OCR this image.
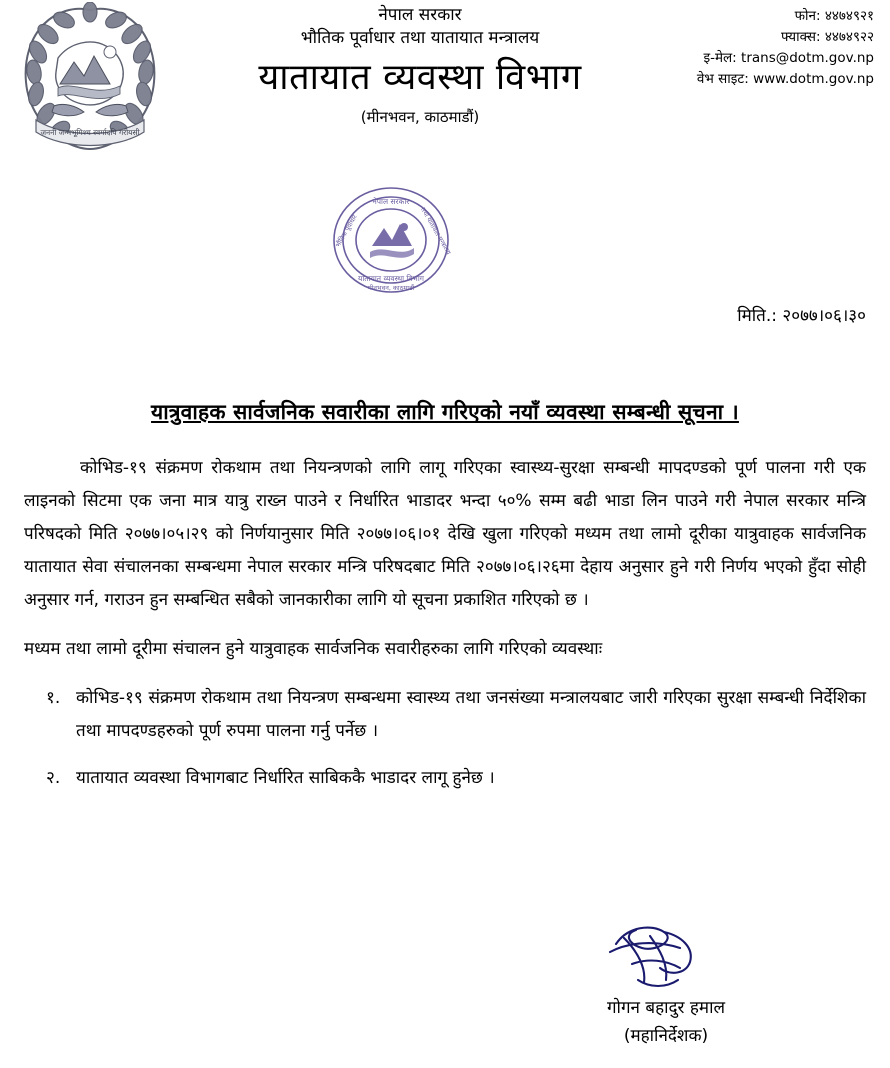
जननी जन्मभूमिश्च स्वर्गादपि गरीयसी
नेपाल सरकार
भौतिक पूर्वाधार तथा यातायात मन्त्रालय
यातायात व्यवस्था विभाग
(मीनभवन, काठमाडौं)
फोन: ४४७४९२१
फ्याक्स: ४४७४९२२
इ-मेल: trans@dotm.gov.np
वेभ साइट: www.dotm.gov.np
नेपाल सरकार
यातायात व्यवस्था विभाग
मीनभवन, काठमाडौं
भौतिक पूर्वाधार	तथा यातायात मन्त्रालय
मिति.: २०७७।०६।३०
यात्रुवाहक सार्वजनिक सवारीका लागि गरिएको नयाँ व्यवस्था सम्बन्धी सूचना ।

कोभिड-१९ संक्रमण रोकथाम तथा नियन्त्रणको लागि लागू गरिएका स्वास्थ्य-सुरक्षा सम्बन्धी मापदण्डको पूर्ण पालना गरी एक लाइनको सिटमा एक जना मात्र यात्रु राख्न पाउने र निर्धारित भाडादर भन्दा ५०% सम्म बढी भाडा लिन पाउने गरी नेपाल सरकार मन्त्रि परिषदको मिति २०७७।०५।२९ को निर्णयानुसार मिति २०७७।०६।०१ देखि खुला गरिएको मध्यम तथा लामो दूरीका यात्रुवाहक सार्वजनिक यातायात सेवा संचालनका सम्बन्धमा नेपाल सरकार मन्त्रि परिषदबाट मिति २०७७।०६।२६मा देहाय अनुसार हुने गरी निर्णय भएको हुँदा सोही अनुसार गर्न, गराउन हुन सम्बन्धित सबैको जानकारीका लागि यो सूचना प्रकाशित गरिएको छ ।

मध्यम तथा लामो दूरीमा संचालन हुने यात्रुवाहक सार्वजनिक सवारीहरुका लागि गरिएको व्यवस्थाः

१. कोभिड-१९ संक्रमण रोकथाम तथा नियन्त्रण सम्बन्धमा स्वास्थ्य तथा जनसंख्या मन्त्रालयबाट जारी गरिएका सुरक्षा सम्बन्धी निर्देशिका तथा मापदण्डहरुको पूर्ण रुपमा पालना गर्नु पर्नेछ ।
२. यातायात व्यवस्था विभागबाट निर्धारित साबिककै भाडादर लागू हुनेछ ।
गोगन बहादुर हमाल
(महानिर्देशक)
